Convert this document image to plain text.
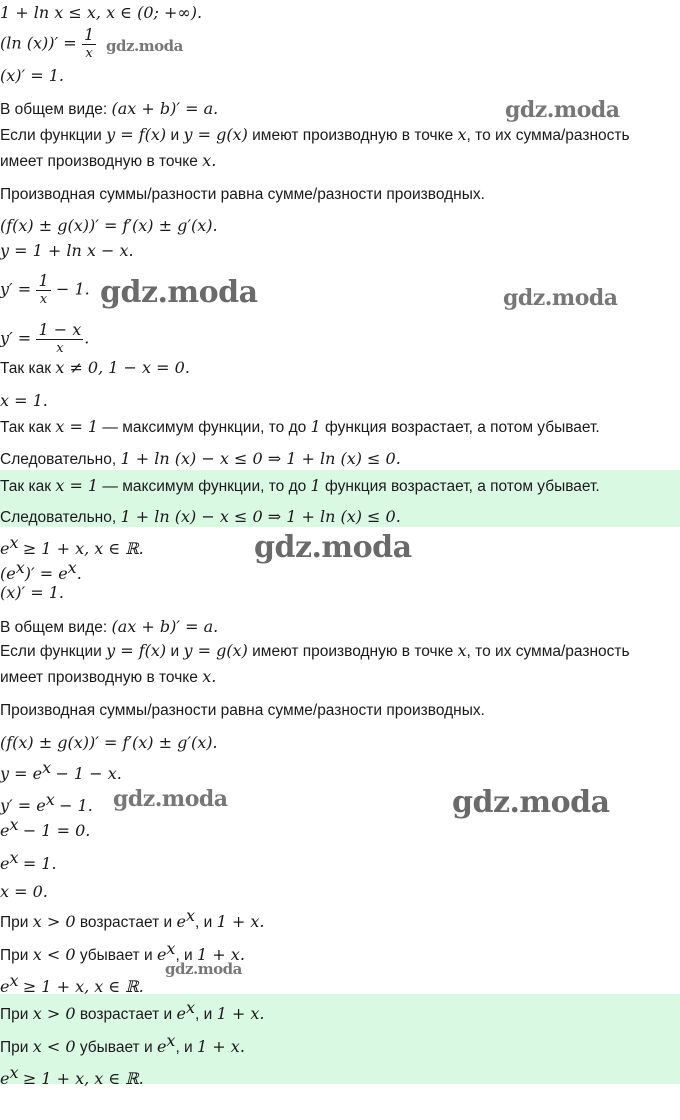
1 + ln x ≤ x, x ∈ (0; +∞).
(ln $(x))' = \frac{1}{x}$
(x)′ = 1.
В общем виде: (ax + b)′ = a.
Если функции y = f(x) и y = g(x) имеют производную в точке x, то их сумма/разность
имеет производную в точке x.
Производная суммы/разности равна сумме/разности производных.
(f(x) ± g(x))′ = f′(x) ± g′(x).
y = 1 + ln x − x.
$y' = \frac{1}{x} - 1$.
$y' = \frac{1 - x}{x}$ .
Так как x ≠ 0, 1 − x = 0.
x = 1.
Так как x = 1 — максимум функции, то до 1 функция возрастает, а потом убывает.
Следовательно, 1 + ln (x) − x ≤ 0 ⇒ 1 + ln (x) ≤ 0.
Так как x = 1 — максимум функции, то до 1 функция возрастает, а потом убывает.
Следовательно, 1 + ln (x) − x ≤ 0 ⇒ 1 + ln (x) ≤ 0.
$e^x \ge 1 + x$, x ∈ ℝ.
$(e^x)' = e^x$.
(x)′ = 1.
В общем виде: (ax + b)′ = a.
Если функции y = f(x) и y = g(x) имеют производную в точке x, то их сумма/разность
имеет производную в точке x.
Производная суммы/разности равна сумме/разности производных.
(f(x) ± g(x))′ = f′(x) ± g′(x).
$y = e^x - 1 - x$.
$y' = e^x - 1$.
$e^x - 1 = 0$.
$e^x = 1$.
x = 0.
При x > 0 возрастает и $e^x$, и 1 + x.
При x < 0 убывает и $e^x$, и 1 + x.
$e^x \ge 1 + x$, x ∈ ℝ.
При x > 0 возрастает и $e^x$, и 1 + x.
При x < 0 убывает и $e^x$, и 1 + x.
$e^x \ge 1 + x$, x ∈ ℝ.
gdz.moda
gdz.moda
gdz.moda	gdz.moda
gdz.moda
gdz.moda	gdz.moda
gdz.moda
